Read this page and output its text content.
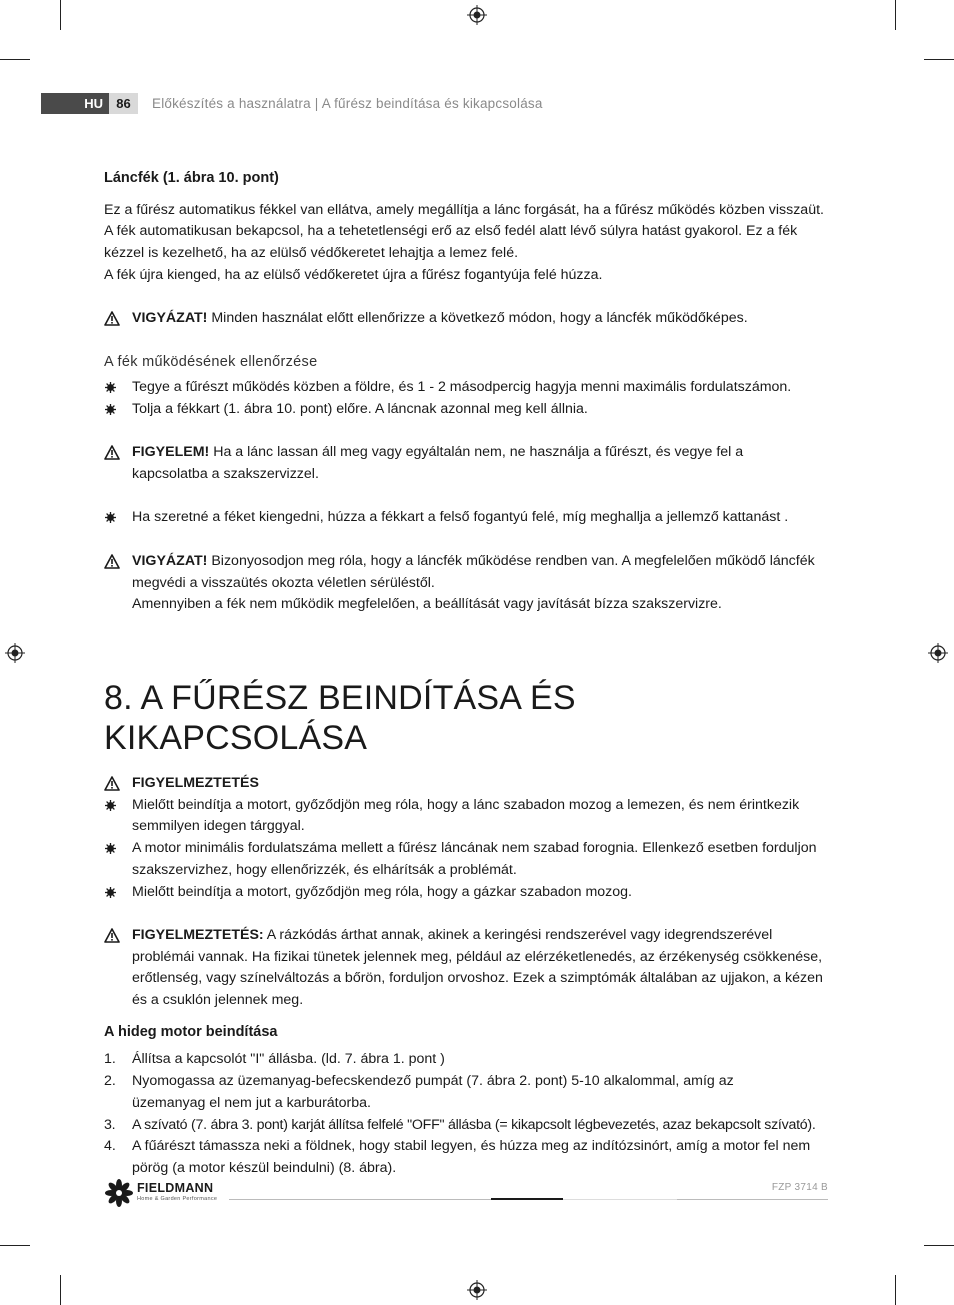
HU	86	Előkészítés a használatra | A fűrész beindítása és kikapcsolása

Láncfék (1. ábra 10. pont)

Ez a fűrész automatikus fékkel van ellátva, amely megállítja a lánc forgását, ha a fűrész működés közben visszaüt.

A fék automatikusan bekapcsol, ha a tehetetlenségi erő az első fedél alatt lévő súlyra hatást gyakorol. Ez a fék kézzel is kezelhető, ha az elülső védőkeretet lehajtja a lemez felé.

A fék újra kienged, ha az elülső védőkeretet újra a fűrész fogantyúja felé húzza.

VIGYÁZAT! Minden használat előtt ellenőrizze a következő módon, hogy a láncfék működőképes.

A fék működésének ellenőrzése

Tegye a fűrészt működés közben a földre, és 1 - 2 másodpercig hagyja menni maximális fordulatszámon.

Tolja a fékkart (1. ábra 10. pont) előre. A láncnak azonnal meg kell állnia.

FIGYELEM! Ha a lánc lassan áll meg vagy egyáltalán nem, ne használja a fűrészt, és vegye fel a kapcsolatba a szakszervizzel.

Ha szeretné a féket kiengedni, húzza a fékkart a felső fogantyú felé, míg meghallja a jellemző kattanást .

VIGYÁZAT! Bizonyosodjon meg róla, hogy a láncfék működése rendben van. A megfelelően működő láncfék megvédi a visszaütés okozta véletlen sérüléstől.
Amennyiben a fék nem működik megfelelően, a beállítását vagy javítását bízza szakszervizre.

8. A FŰRÉSZ BEINDÍTÁSA ÉS KIKAPCSOLÁSA

FIGYELMEZTETÉS

Mielőtt beindítja a motort, győződjön meg róla, hogy a lánc szabadon mozog a lemezen, és nem érintkezik semmilyen idegen tárggyal.

A motor minimális fordulatszáma mellett a fűrész láncának nem szabad forognia. Ellenkező esetben forduljon szakszervizhez, hogy ellenőrizzék, és elhárítsák a problémát.

Mielőtt beindítja a motort, győződjön meg róla, hogy a gázkar szabadon mozog.

FIGYELMEZTETÉS: A rázkódás árthat annak, akinek a keringési rendszerével vagy idegrendszerével problémái vannak. Ha fizikai tünetek jelennek meg, például az elérzéketlenedés, az érzékenység csökkenése, erőtlenség, vagy színelváltozás a bőrön, forduljon orvoshoz. Ezek a szimptómák általában az ujjakon, a kézen és a csuklón jelennek meg.

A hideg motor beindítása

1. Állítsa a kapcsolót "I" állásba. (ld. 7. ábra 1. pont )

2. Nyomogassa az üzemanyag-befecskendező pumpát (7. ábra 2. pont) 5-10 alkalommal, amíg az üzemanyag el nem jut a karburátorba.

3. A szívató (7. ábra 3. pont) karját állítsa felfelé "OFF" állásba (= kikapcsolt légbevezetés, azaz bekapcsolt szívató).

4. A fűárészt támassza neki a földnek, hogy stabil legyen, és húzza meg az indítózsinórt, amíg a motor fel nem pörög (a motor készül beindulni) (8. ábra).

FIELDMANN
Home & Garden Performance
FZP 3714 B
